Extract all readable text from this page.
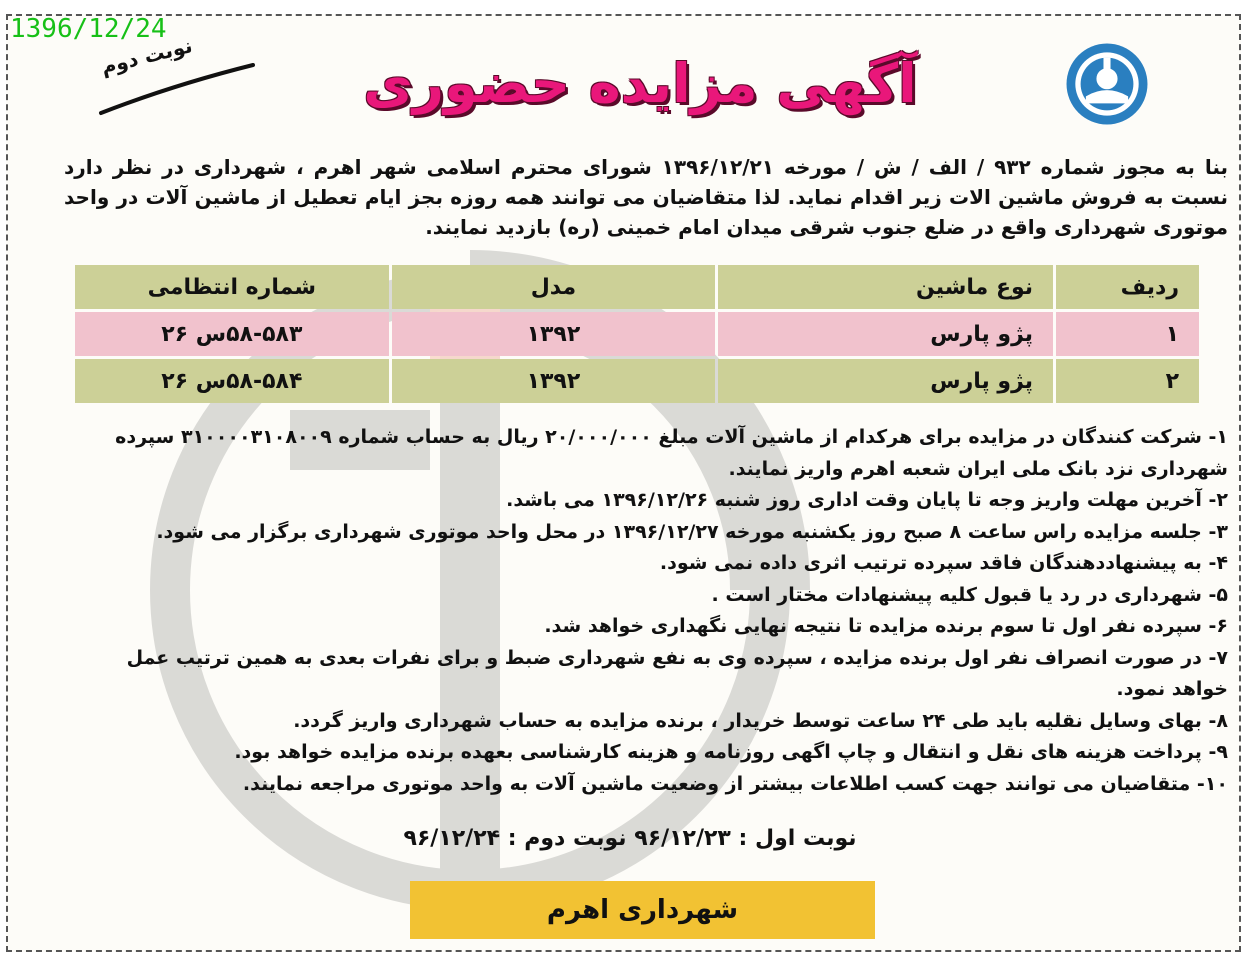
1396/12/24
نوبت دوم	آگهی مزایده حضوری
بنا به مجوز شماره ۹۳۲ / الف / ش / مورخه ۱۳۹۶/۱۲/۲۱ شورای محترم اسلامی شهر اهرم ، شهرداری در نظر دارد نسبت به فروش ماشین الات زیر اقدام نماید. لذا متقاضیان می توانند همه روزه بجز ایام تعطیل از ماشین آلات در واحد موتوری شهرداری واقع در ضلع جنوب شرقی میدان امام خمینی (ره) بازدید نمایند.
ردیف	نوع ماشین	مدل	شماره انتظامی
۱	پژو پارس	۱۳۹۲	۵۸-۵۸۳س ۲۶
۲	پژو پارس	۱۳۹۲	۵۸-۵۸۴س ۲۶

۱- شرکت کنندگان در مزایده برای هرکدام از ماشین آلات مبلغ ۲۰/۰۰۰/۰۰۰ ریال به حساب شماره ۳۱۰۰۰۰۳۱۰۸۰۰۹ سپرده شهرداری نزد بانک ملی ایران شعبه اهرم واریز نمایند.

۲- آخرین مهلت واریز وجه تا پایان وقت اداری روز شنبه ۱۳۹۶/۱۲/۲۶ می باشد.

۳- جلسه مزایده راس ساعت ۸ صبح روز یکشنبه مورخه ۱۳۹۶/۱۲/۲۷ در محل واحد موتوری شهرداری برگزار می شود.

۴- به پیشنهاددهندگان فاقد سپرده ترتیب اثری داده نمی شود.

۵- شهرداری در رد یا قبول کلیه پیشنهادات مختار است .

۶- سپرده نفر اول تا سوم برنده مزایده تا نتیجه نهایی نگهداری خواهد شد.

۷- در صورت انصراف نفر اول برنده مزایده ، سپرده وی به نفع شهرداری ضبط و برای نفرات بعدی به همین ترتیب عمل خواهد نمود.

۸- بهای وسایل نقلیه باید طی ۲۴ ساعت توسط خریدار ، برنده مزایده به حساب شهرداری واریز گردد.

۹- پرداخت هزینه های نقل و انتقال و چاپ اگهی روزنامه و هزینه کارشناسی بعهده برنده مزایده خواهد بود.

۱۰- متقاضیان می توانند جهت کسب اطلاعات بیشتر از وضعیت ماشین آلات به واحد موتوری مراجعه نمایند.

نوبت اول : ۹۶/۱۲/۲۳ نوبت دوم : ۹۶/۱۲/۲۴
شهرداری اهرم
